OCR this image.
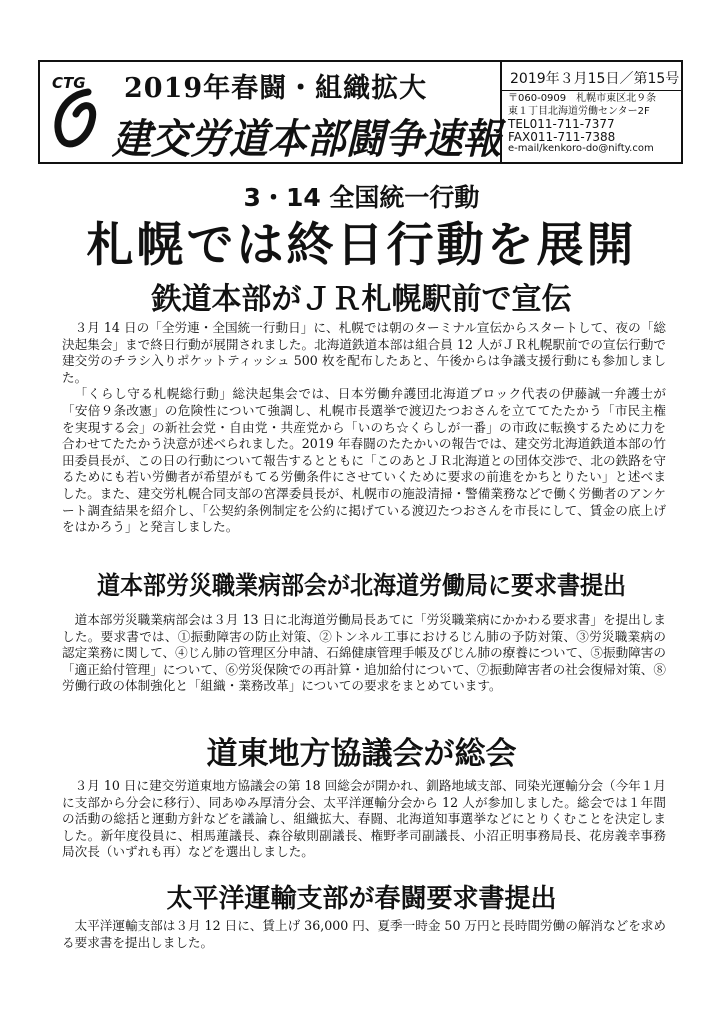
CTG 2019年春闘・組織拡大
建交労道本部闘争速報
2019年３月15日／第15号
〒060-0909　札幌市東区北９条
東１丁目北海道労働センター2F
TEL011-711-7377
FAX011-711-7388
e-mail/kenkoro-do@nifty.com
3・14 全国統一行動
札幌では終日行動を展開
鉄道本部がＪＲ札幌駅前で宣伝

３月 14 日の「全労連・全国統一行動日」に、札幌では朝のターミナル宣伝からスタートして、夜の「総決起集会」まで終日行動が展開されました。北海道鉄道本部は組合員 12 人がＪＲ札幌駅前での宣伝行動で建交労のチラシ入りポケットティッシュ 500 枚を配布したあと、午後からは争議支援行動にも参加しました。

「くらし守る札幌総行動」総決起集会では、日本労働弁護団北海道ブロック代表の伊藤誠一弁護士が「安倍９条改憲」の危険性について強調し、札幌市長選挙で渡辺たつおさんを立ててたたかう「市民主権を実現する会」の新社会党・自由党・共産党から「いのち☆くらしが一番」の市政に転換するために力を合わせてたたかう決意が述べられました。2019 年春闘のたたかいの報告では、建交労北海道鉄道本部の竹田委員長が、この日の行動について報告するとともに「このあとＪＲ北海道との団体交渉で、北の鉄路を守るためにも若い労働者が希望がもてる労働条件にさせていくために要求の前進をかちとりたい」と述べました。また、建交労札幌合同支部の宮澤委員長が、札幌市の施設清掃・警備業務などで働く労働者のアンケート調査結果を紹介し、「公契約条例制定を公約に掲げている渡辺たつおさんを市長にして、賃金の底上げをはかろう」と発言しました。

道本部労災職業病部会が北海道労働局に要求書提出

道本部労災職業病部会は３月 13 日に北海道労働局長あてに「労災職業病にかかわる要求書」を提出しました。要求書では、①振動障害の防止対策、②トンネル工事におけるじん肺の予防対策、③労災職業病の認定業務に関して、④じん肺の管理区分申請、石綿健康管理手帳及びじん肺の療養について、⑤振動障害の「適正給付管理」について、⑥労災保険での再計算・追加給付について、⑦振動障害者の社会復帰対策、⑧労働行政の体制強化と「組織・業務改革」についての要求をまとめています。

道東地方協議会が総会

３月 10 日に建交労道東地方協議会の第 18 回総会が開かれ、釧路地域支部、同染光運輸分会（今年１月に支部から分会に移行）、同あゆみ厚清分会、太平洋運輸分会から 12 人が参加しました。総会では１年間の活動の総括と運動方針などを議論し、組織拡大、春闘、北海道知事選挙などにとりくむことを決定しました。新年度役員に、相馬蓮議長、森谷敏則副議長、権野孝司副議長、小沼正明事務局長、花房義幸事務局次長（いずれも再）などを選出しました。

太平洋運輸支部が春闘要求書提出

太平洋運輸支部は３月 12 日に、賃上げ 36,000 円、夏季一時金 50 万円と長時間労働の解消などを求める要求書を提出しました。
